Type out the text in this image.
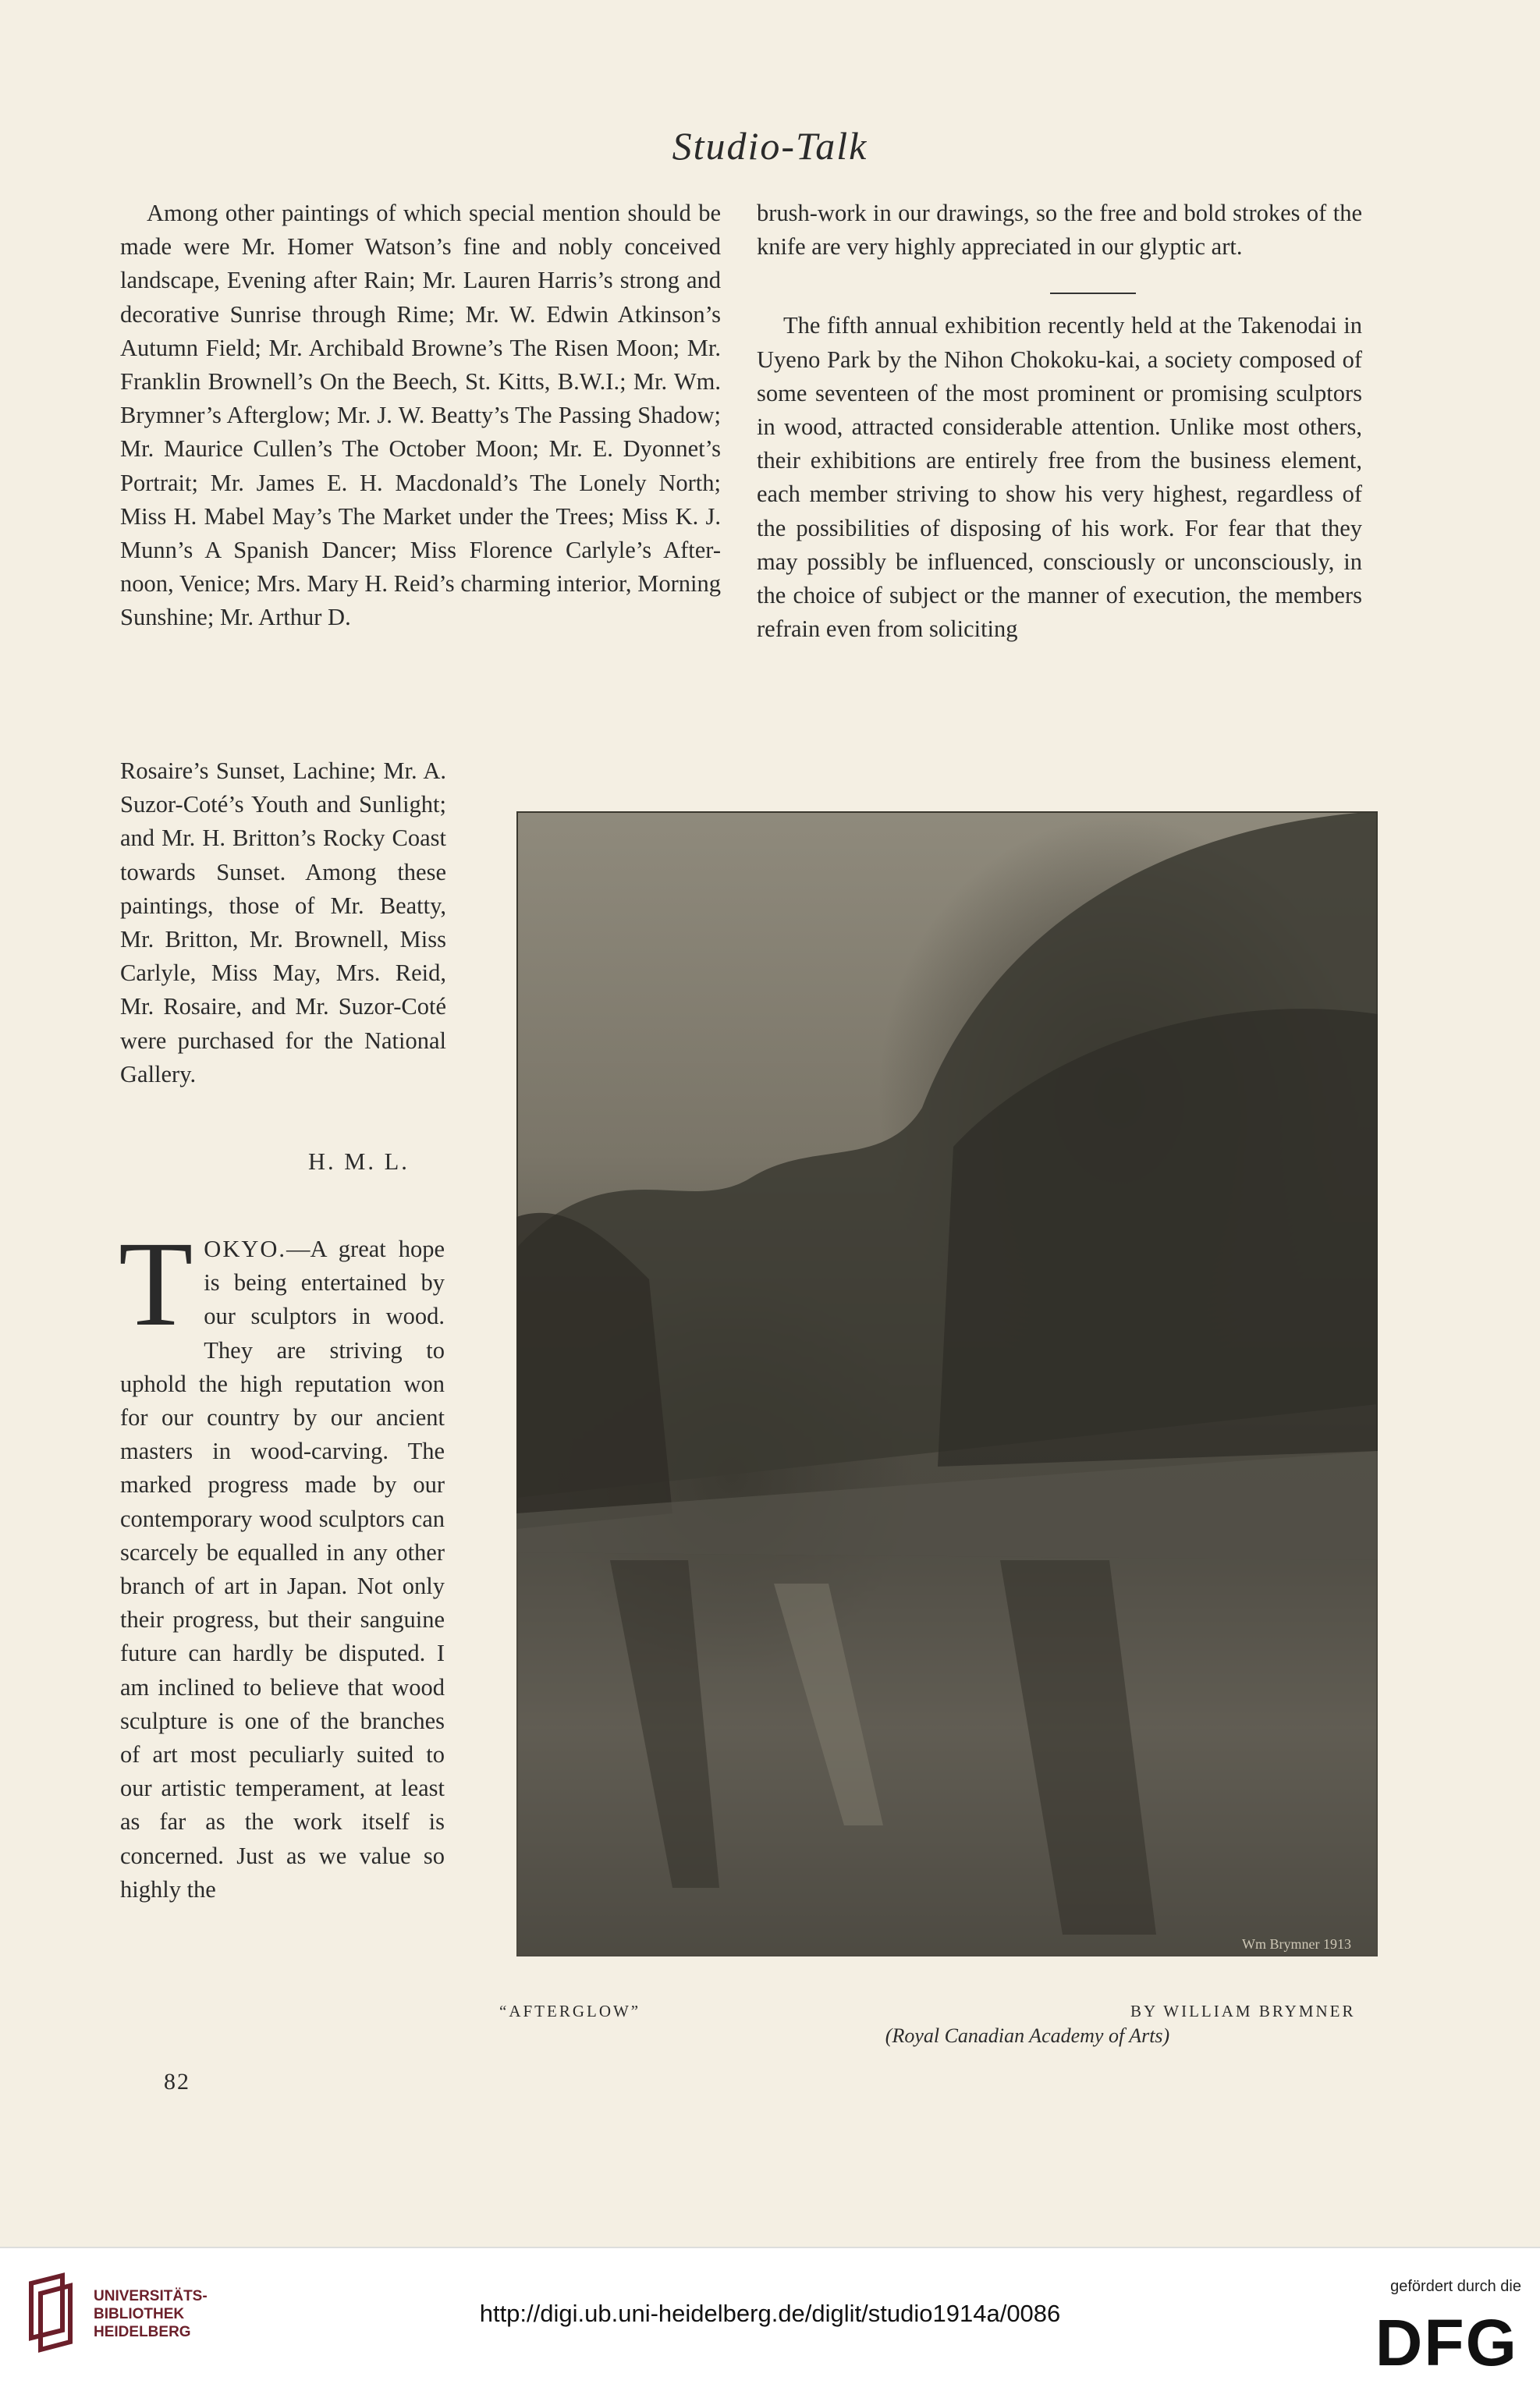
Studio-Talk

Among other paintings of which special mention should be made were Mr. Homer Watson’s fine and nobly conceived landscape, Evening after Rain; Mr. Lauren Harris’s strong and decorative Sunrise through Rime; Mr. W. Edwin Atkinson’s Autumn Field; Mr. Archibald Browne’s The Risen Moon; Mr. Franklin Brownell’s On the Beech, St. Kitts, B.W.I.; Mr. Wm. Brymner’s Afterglow; Mr. J. W. Beatty’s The Passing Shadow; Mr. Maurice Cullen’s The October Moon; Mr. E. Dyonnet’s Portrait; Mr. James E. H. Macdonald’s The Lonely North; Miss H. Mabel May’s The Market under the Trees; Miss K. J. Munn’s A Spanish Dancer; Miss Florence Carlyle’s After-noon, Venice; Mrs. Mary H. Reid’s charming interior, Morning Sunshine; Mr. Arthur D.

Rosaire’s Sunset, Lachine; Mr. A. Suzor-Coté’s Youth and Sunlight; and Mr. H. Britton’s Rocky Coast towards Sunset. Among these paintings, those of Mr. Beatty, Mr. Britton, Mr. Brownell, Miss Carlyle, Miss May, Mrs. Reid, Mr. Rosaire, and Mr. Suzor-Coté were purchased for the National Gallery.

H. M. L.

TOKYO.—A great hope is being entertained by our sculptors in wood. They are striving to uphold the high reputation won for our country by our ancient masters in wood-carving. The marked progress made by our contemporary wood sculptors can scarcely be equalled in any other branch of art in Japan. Not only their progress, but their sanguine future can hardly be disputed. I am inclined to believe that wood sculpture is one of the branches of art most peculiarly suited to our artistic temperament, at least as far as the work itself is concerned. Just as we value so highly the

brush-work in our drawings, so the free and bold strokes of the knife are very highly appreciated in our glyptic art.

The fifth annual exhibition recently held at the Takenodai in Uyeno Park by the Nihon Chokoku-kai, a society composed of some seventeen of the most prominent or promising sculptors in wood, attracted considerable attention. Unlike most others, their exhibitions are entirely free from the business element, each member striving to show his very highest, regardless of the possibilities of disposing of his work. For fear that they may possibly be influenced, consciously or unconsciously, in the choice of subject or the manner of execution, the members refrain even from soliciting

Wm Brymner 1913
“AFTERGLOW”	BY WILLIAM BRYMNER
(Royal Canadian Academy of Arts)
82
UNIVERSITÄTS-
BIBLIOTHEK
HEIDELBERG
http://digi.ub.uni-heidelberg.de/diglit/studio1914a/0086
gefördert durch die
DFG
